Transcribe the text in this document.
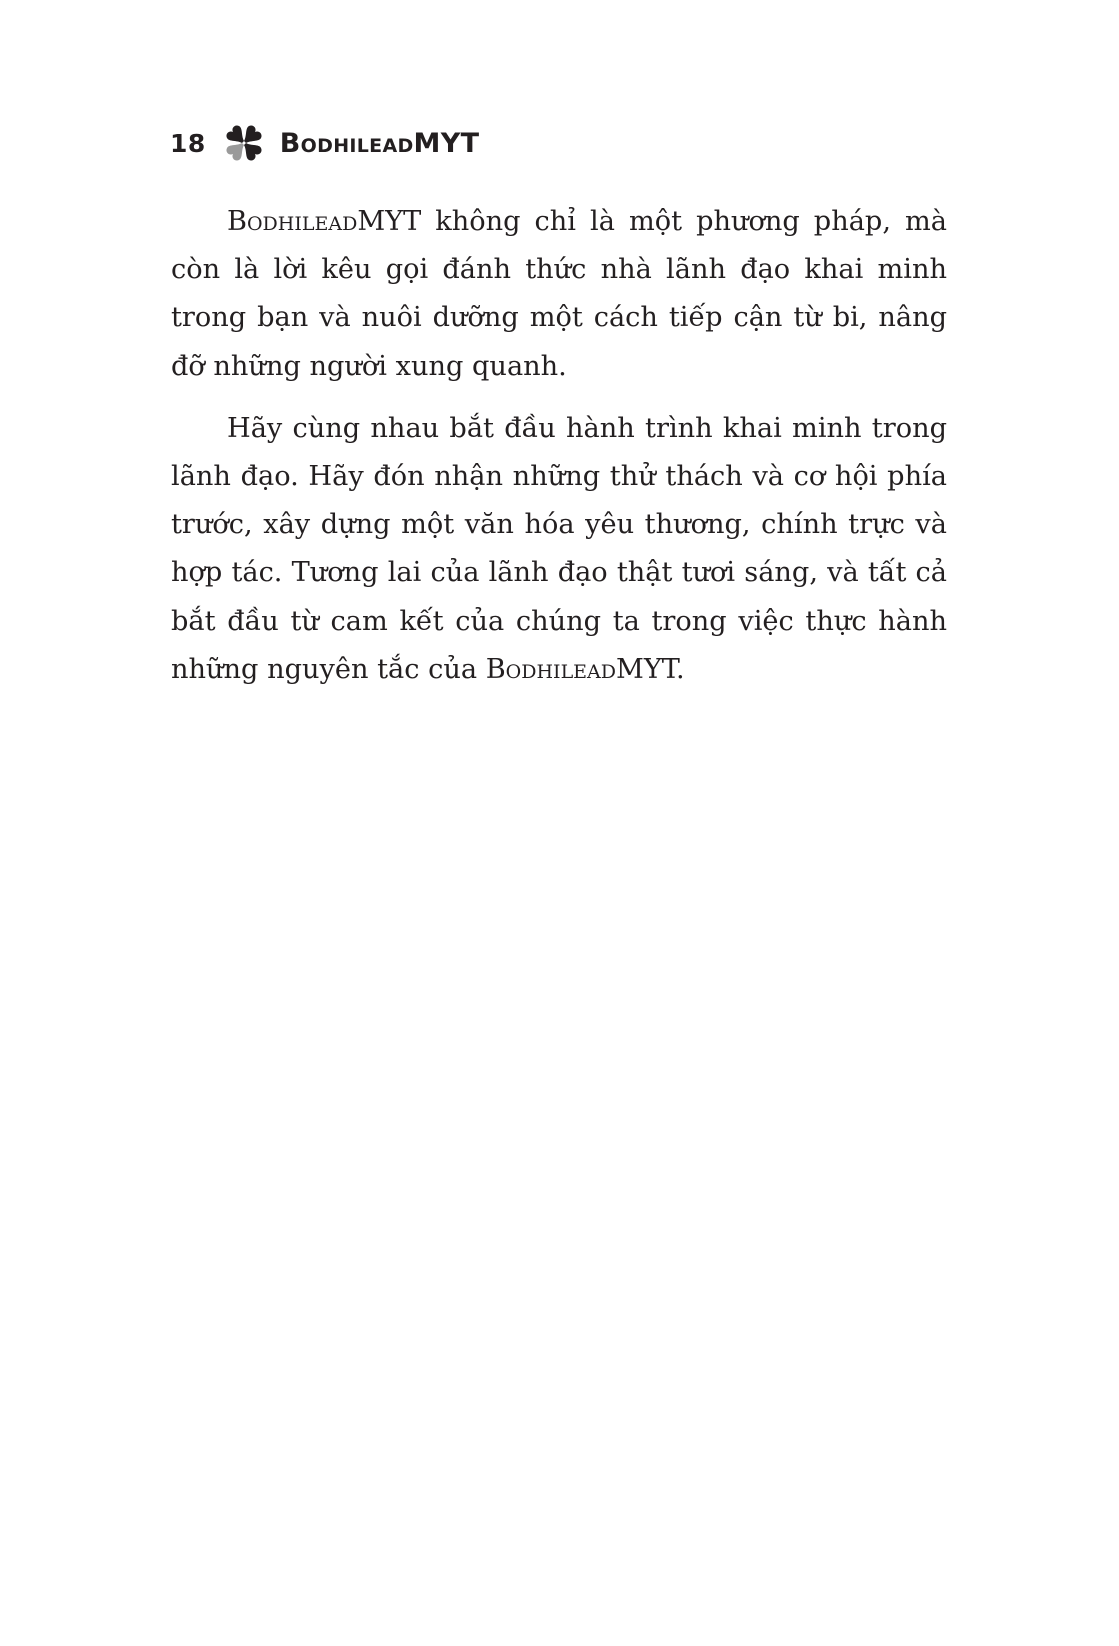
18	BodhileadMYT

BodhileadMYT không chỉ là một phương pháp, mà còn là lời kêu gọi đánh thức nhà lãnh đạo khai minh trong bạn và nuôi dưỡng một cách tiếp cận từ bi, nâng đỡ những người xung quanh.

Hãy cùng nhau bắt đầu hành trình khai minh trong lãnh đạo. Hãy đón nhận những thử thách và cơ hội phía trước, xây dựng một văn hóa yêu thương, chính trực và hợp tác. Tương lai của lãnh đạo thật tươi sáng, và tất cả bắt đầu từ cam kết của chúng ta trong việc thực hành những nguyên tắc của BodhileadMYT.
